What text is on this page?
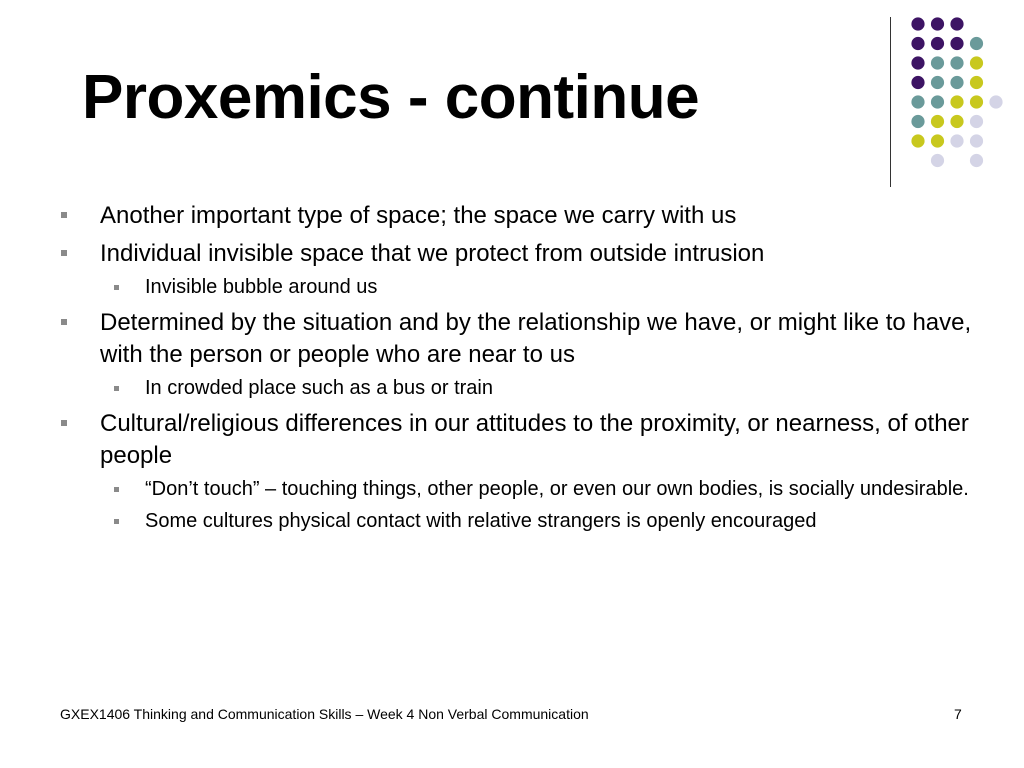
Proxemics - continue
Another important type of space; the space we carry with us
Individual invisible space that we protect from outside intrusion
Invisible bubble around us
Determined by the situation and by the relationship we have, or might like to have, with the person or people who are near to us
In crowded place such as a bus or train
Cultural/religious differences in our attitudes to the proximity, or nearness, of other people
“Don’t touch” – touching things, other people, or even our own bodies, is socially undesirable.
Some cultures physical contact with relative strangers is openly encouraged
GXEX1406 Thinking and Communication Skills – Week 4 Non Verbal Communication	7
